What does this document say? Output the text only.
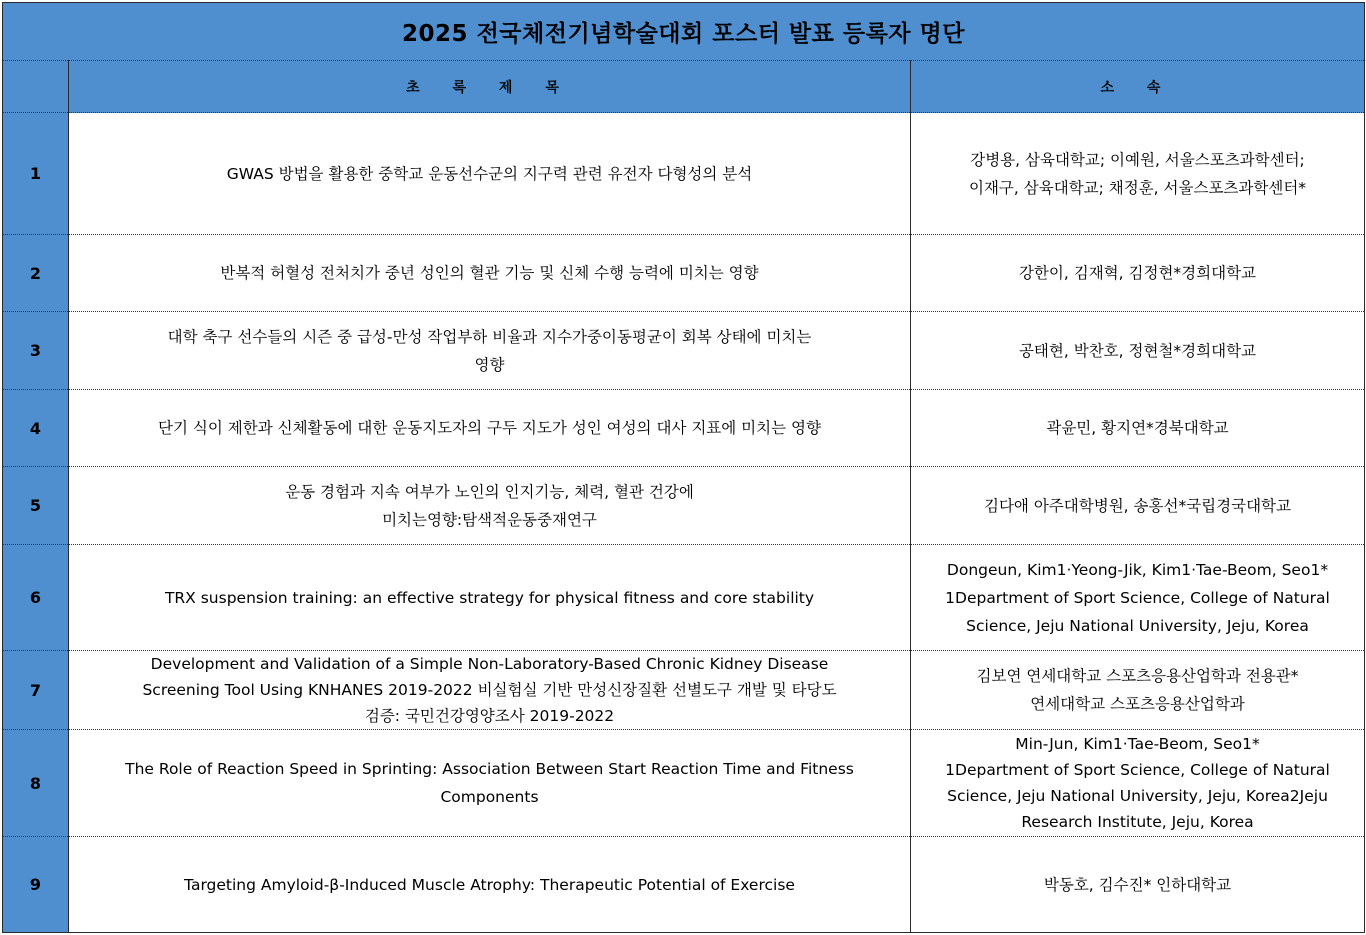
2025 전국체전기념학술대회 포스터 발표 등록자 명단		
	초 록 제 목	소 속
1	GWAS 방법을 활용한 중학교 운동선수군의 지구력 관련 유전자 다형성의 분석	강병용, 삼육대학교; 이예원, 서울스포츠과학센터;
이재구, 삼육대학교; 채정훈, 서울스포츠과학센터*

2	반복적 허혈성 전처치가 중년 성인의 혈관 기능 및 신체 수행 능력에 미치는 영향	강한이, 김재혁, 김정현*경희대학교

3	대학 축구 선수들의 시즌 중 급성-만성 작업부하 비율과 지수가중이동평균이 회복 상태에 미치는
영향	공태현, 박찬호, 정현철*경희대학교

4	단기 식이 제한과 신체활동에 대한 운동지도자의 구두 지도가 성인 여성의 대사 지표에 미치는 영향	곽윤민, 황지연*경북대학교

5	운동 경험과 지속 여부가 노인의 인지기능, 체력, 혈관 건강에
미치는영향:탐색적운동중재연구	김다애 아주대학병원, 송홍선*국립경국대학교

6	TRX suspension training: an effective strategy for physical fitness and core stability	Dongeun, Kim1·Yeong-Jik, Kim1·Tae-Beom, Seo1*
1Department of Sport Science, College of Natural
Science, Jeju National University, Jeju, Korea

7	Development and Validation of a Simple Non-Laboratory-Based Chronic Kidney Disease
Screening Tool Using KNHANES 2019-2022 비실험실 기반 만성신장질환 선별도구 개발 및 타당도
검증: 국민건강영양조사 2019-2022	김보연 연세대학교 스포츠응용산업학과 전용관*
연세대학교 스포츠응용산업학과

8	The Role of Reaction Speed in Sprinting: Association Between Start Reaction Time and Fitness
Components	Min-Jun, Kim1·Tae-Beom, Seo1*
1Department of Sport Science, College of Natural
Science, Jeju National University, Jeju, Korea2Jeju
Research Institute, Jeju, Korea

9	Targeting Amyloid-β-Induced Muscle Atrophy: Therapeutic Potential of Exercise	박동호, 김수진* 인하대학교
